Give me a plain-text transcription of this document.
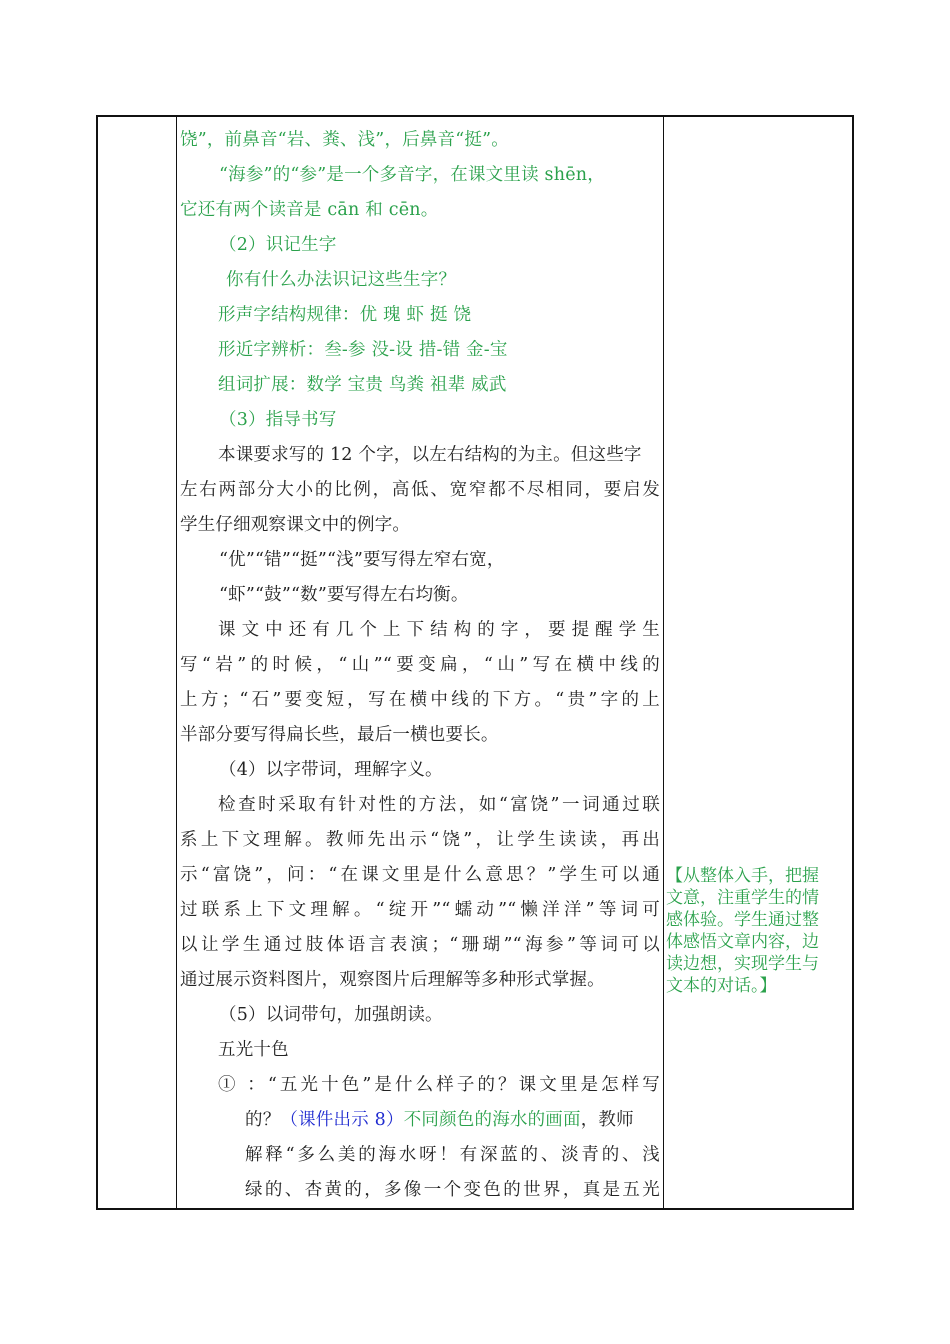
饶”，前鼻音“岩、粪、浅”，后鼻音“挺”。
“海参”的“参”是一个多音字，在课文里读 shēn，
它还有两个读音是 cān 和 cēn。
（2）识记生字
你有什么办法识记这些生字？
形声字结构规律：优 瑰 虾 挺 饶
形近字辨析：叁-参 没-设 措-错 金-宝
组词扩展：数学 宝贵 鸟粪 祖辈 威武
（3）指导书写
本课要求写的 12 个字，以左右结构的为主。但这些字
左右两部分大小的比例，高低、宽窄都不尽相同，要启发
学生仔细观察课文中的例字。
“优”“错”“挺”“浅”要写得左窄右宽，
“虾”“鼓”“数”要写得左右均衡。
课文中还有几个上下结构的字，要提醒学生
写“岩”的时候，“山”“要变扁，“山”写在横中线的
上方；“石”要变短，写在横中线的下方。“贵”字的上
半部分要写得扁长些，最后一横也要长。
（4）以字带词，理解字义。
检查时采取有针对性的方法，如“富饶”一词通过联
系上下文理解。教师先出示“饶”，让学生读读，再出
示“富饶”，问：“在课文里是什么意思？”学生可以通
过联系上下文理解。“绽开”“蠕动”“懒洋洋”等词可
以让学生通过肢体语言表演；“珊瑚”“海参”等词可以
通过展示资料图片，观察图片后理解等多种形式掌握。
（5）以词带句，加强朗读。
五光十色
① ：“五光十色”是什么样子的？课文里是怎样写
的？（课件出示 8）不同颜色的海水的画面，教师
解释“多么美的海水呀！有深蓝的、淡青的、浅
绿的、杏黄的，多像一个变色的世界，真是五光
【从整体入手，把握
文意，注重学生的情
感体验。学生通过整
体感悟文章内容，边
读边想，实现学生与
文本的对话。】
